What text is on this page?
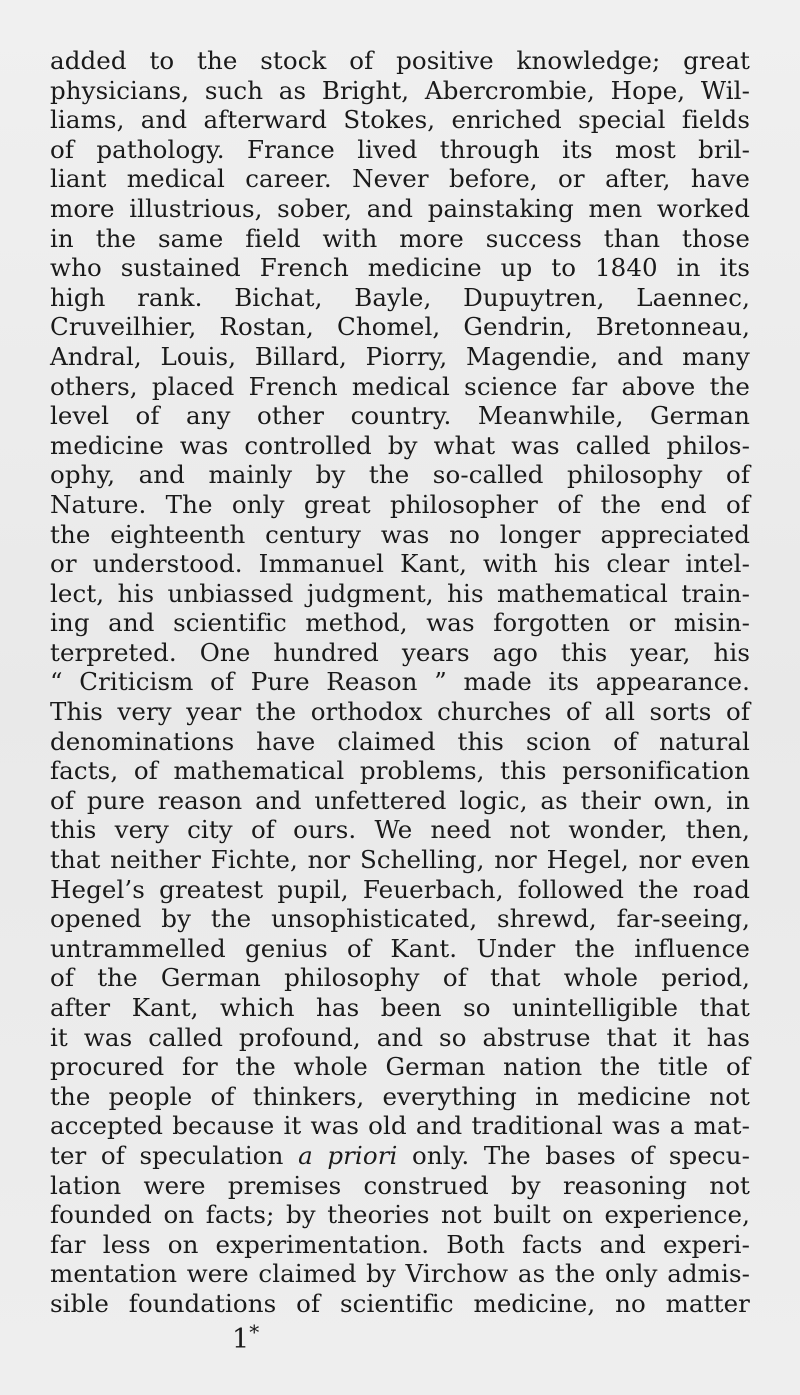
added to the stock of positive knowledge; great
physicians, such as Bright, Abercrombie, Hope, Wil-
liams, and afterward Stokes, enriched special fields
of pathology. France lived through its most bril-
liant medical career. Never before, or after, have
more illustrious, sober, and painstaking men worked
in the same field with more success than those
who sustained French medicine up to 1840 in its
high rank. Bichat, Bayle, Dupuytren, Laennec,
Cruveilhier, Rostan, Chomel, Gendrin, Bretonneau,
Andral, Louis, Billard, Piorry, Magendie, and many
others, placed French medical science far above the
level of any other country. Meanwhile, German
medicine was controlled by what was called philos-
ophy, and mainly by the so-called philosophy of
Nature. The only great philosopher of the end of
the eighteenth century was no longer appreciated
or understood. Immanuel Kant, with his clear intel-
lect, his unbiassed judgment, his mathematical train-
ing and scientific method, was forgotten or misin-
terpreted. One hundred years ago this year, his
“ Criticism of Pure Reason ” made its appearance.
This very year the orthodox churches of all sorts of
denominations have claimed this scion of natural
facts, of mathematical problems, this personification
of pure reason and unfettered logic, as their own, in
this very city of ours. We need not wonder, then,
that neither Fichte, nor Schelling, nor Hegel, nor even
Hegel’s greatest pupil, Feuerbach, followed the road
opened by the unsophisticated, shrewd, far-seeing,
untrammelled genius of Kant. Under the influence
of the German philosophy of that whole period,
after Kant, which has been so unintelligible that
it was called profound, and so abstruse that it has
procured for the whole German nation the title of
the people of thinkers, everything in medicine not
accepted because it was old and traditional was a mat-
ter of speculation a priori only. The bases of specu-
lation were premises construed by reasoning not
founded on facts; by theories not built on experience,
far less on experimentation. Both facts and experi-
mentation were claimed by Virchow as the only admis-
sible foundations of scientific medicine, no matter
1*
